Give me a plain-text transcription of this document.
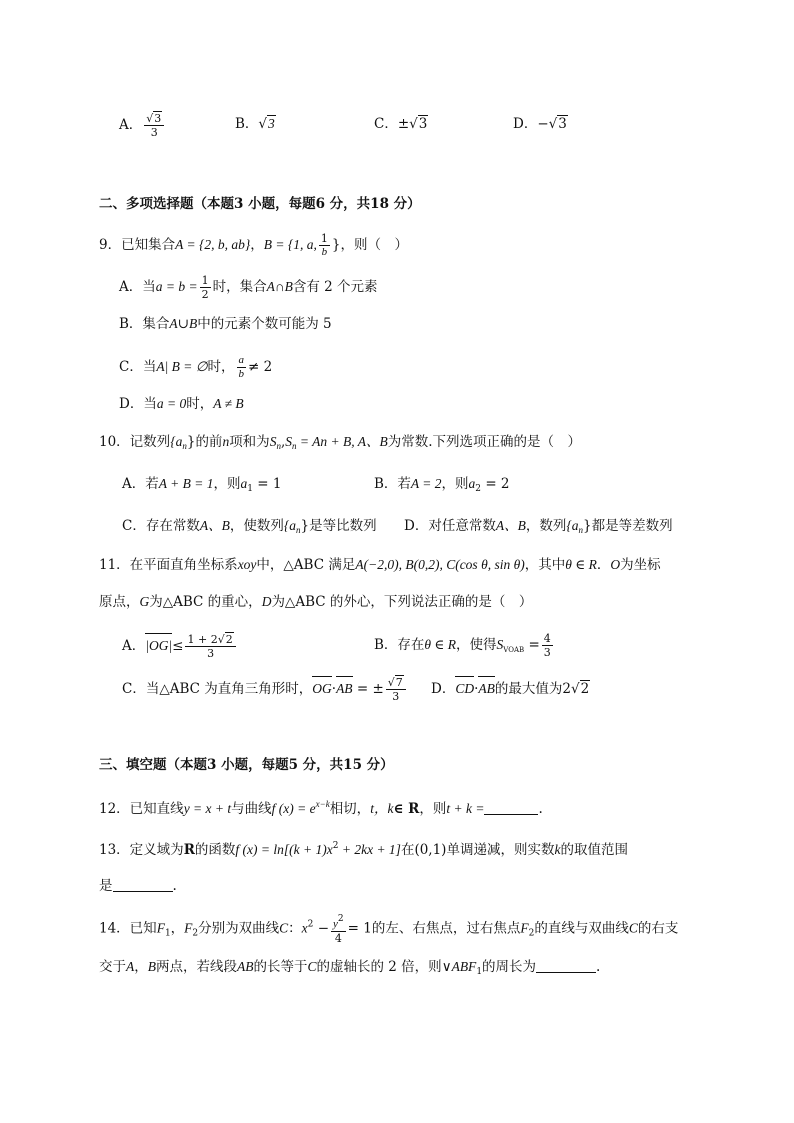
A． $\frac{√3}{3}$	B．√3	C．±√3	D．−√3
二、多项选择题（本题3 小题，每题6 分，共18 分）
9．已知集合A = {2, b, ab}，B = {1, a, $\frac{1}{b}$ }，则（　）
A．当$a = b = \frac{1}{2}$ 时，集合A∩B含有 2 个元素
B．集合A∪B中的元素个数可能为 5
C．当A| B = ∅时， $\frac{a}{b} \ne 2$
D．当a = 0时，A ≠ B
10．记数列$\{a_n\}$的前n项和为$S_n,S_n = An + B$, A、B为常数.下列选项正确的是（　）
A．若A + B = 1，则$a_1 = 1$	B．若A = 2，则$a_2 = 2$
C．存在常数A、B，使数列$\{a_n\}$是等比数列 D．对任意常数A、B，数列$\{a_n\}$都是等差数列
11．在平面直角坐标系xoy中，△ABC 满足A(−2,0), B(0,2), C(cos θ, sin θ)，其中θ ∈ R．O为坐标
原点，G为△ABC 的重心，D为△ABC 的外心，下列说法正确的是（　）
A．$|OG|\le \frac{1 + 2√2}{3}$	B．存在θ ∈ R，使得$S_{VOAB} = \frac{4}{3}$
C．当△ABC 为直角三角形时，OG·AB = ± $\frac{√7}{3}$ D．CD·AB的最大值为2√2
三、填空题（本题3 小题，每题5 分，共15 分）
12．已知直线y = x + t与曲线f $(x) = e^{x-k}$相切，t，k∈ R，则t + k =	.
13．定义域为R的函数f $(x) = \ln[(k + 1)x^2 + 2kx + 1]$在(0,1)单调递减，则实数k的取值范围
是	.
14．已知$F_1$，$F_2$分别为双曲线C：$x^2 - \frac{y^2}{4} = 1$的左、右焦点，过右焦点$F_2$的直线与双曲线C的右支
交于A，B两点，若线段AB的长等于C的虚轴长的 2 倍，则$\vee ABF_1$的周长为	.
